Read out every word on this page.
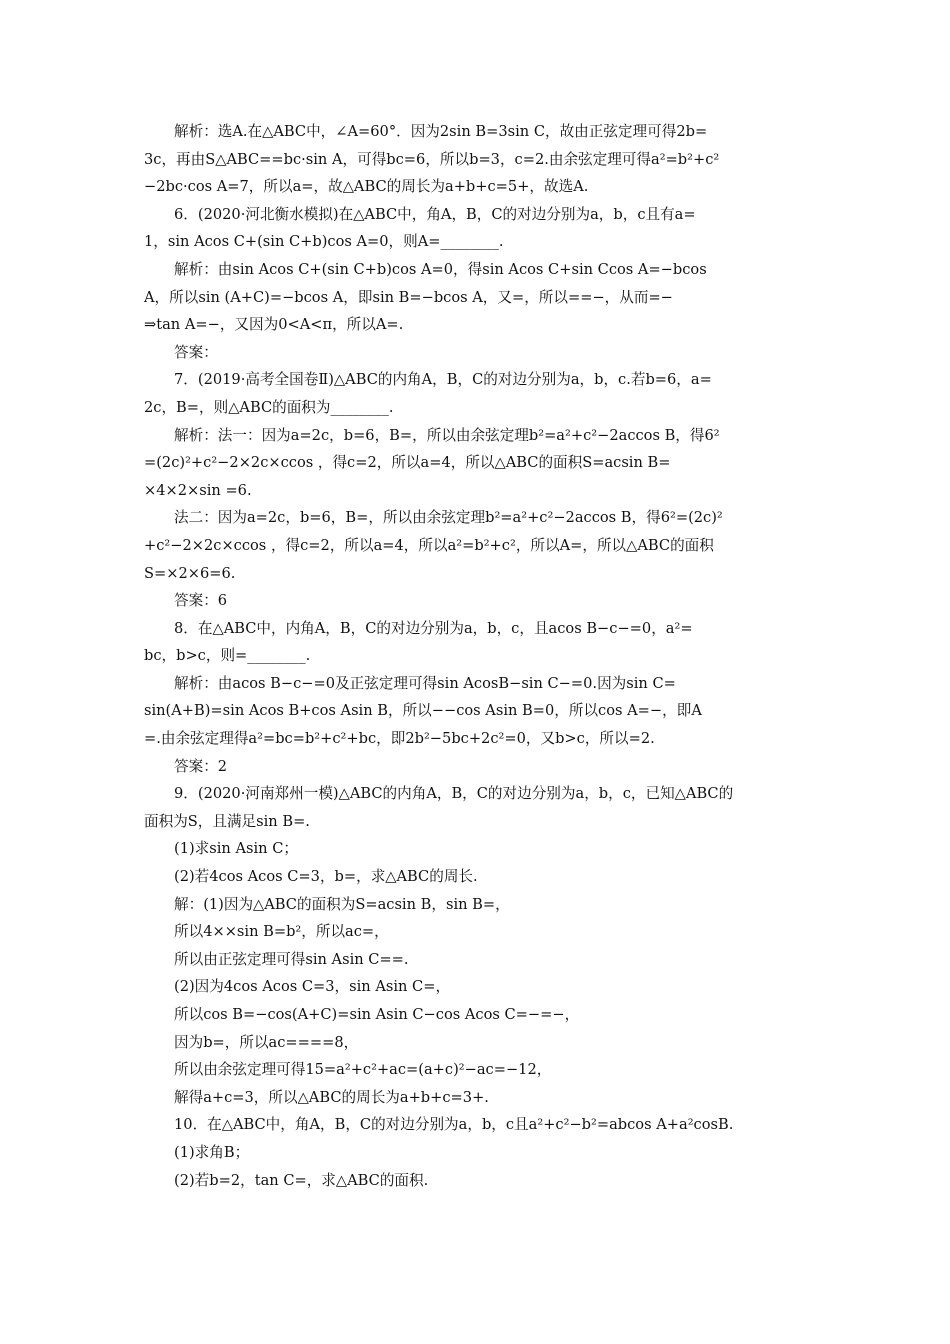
解析：选A.在△ABC中，∠A=60°．因为2sin B=3sin C，故由正弦定理可得2b=
3c，再由S△ABC==bc·sin A，可得bc=6，所以b=3，c=2.由余弦定理可得a²=b²+c²
−2bc·cos A=7，所以a=，故△ABC的周长为a+b+c=5+，故选A.
6．(2020·河北衡水模拟)在△ABC中，角A，B，C的对边分别为a，b，c且有a=
1，sin Acos C+(sin C+b)cos A=0，则A=________.
解析：由sin Acos C+(sin C+b)cos A=0，得sin Acos C+sin Ccos A=−bcos
A，所以sin (A+C)=−bcos A，即sin B=−bcos A，又=，所以==−，从而=−
⇒tan A=−，又因为0<A<π，所以A=.
答案：
7．(2019·高考全国卷Ⅱ)△ABC的内角A，B，C的对边分别为a，b，c.若b=6，a=
2c，B=，则△ABC的面积为________.
解析：法一：因为a=2c，b=6，B=，所以由余弦定理b²=a²+c²−2accos B，得6²
=(2c)²+c²−2×2c×ccos ，得c=2，所以a=4，所以△ABC的面积S=acsin B=
×4×2×sin =6.
法二：因为a=2c，b=6，B=，所以由余弦定理b²=a²+c²−2accos B，得6²=(2c)²
+c²−2×2c×ccos ，得c=2，所以a=4，所以a²=b²+c²，所以A=，所以△ABC的面积
S=×2×6=6.
答案：6
8．在△ABC中，内角A，B，C的对边分别为a，b，c，且acos B−c−=0，a²=
bc，b>c，则=________.
解析：由acos B−c−=0及正弦定理可得sin AcosB−sin C−=0.因为sin C=
sin(A+B)=sin Acos B+cos Asin B，所以−−cos Asin B=0，所以cos A=−，即A
=.由余弦定理得a²=bc=b²+c²+bc，即2b²−5bc+2c²=0，又b>c，所以=2.
答案：2
9．(2020·河南郑州一模)△ABC的内角A，B，C的对边分别为a，b，c，已知△ABC的
面积为S，且满足sin B=.
(1)求sin Asin C；
(2)若4cos Acos C=3，b=，求△ABC的周长.
解：(1)因为△ABC的面积为S=acsin B，sin B=，
所以4××sin B=b²，所以ac=，
所以由正弦定理可得sin Asin C==.
(2)因为4cos Acos C=3，sin Asin C=，
所以cos B=−cos(A+C)=sin Asin C−cos Acos C=−=−，
因为b=，所以ac====8，
所以由余弦定理可得15=a²+c²+ac=(a+c)²−ac=−12，
解得a+c=3，所以△ABC的周长为a+b+c=3+.
10．在△ABC中，角A，B，C的对边分别为a，b，c且a²+c²−b²=abcos A+a²cosB.
(1)求角B；
(2)若b=2，tan C=，求△ABC的面积.
